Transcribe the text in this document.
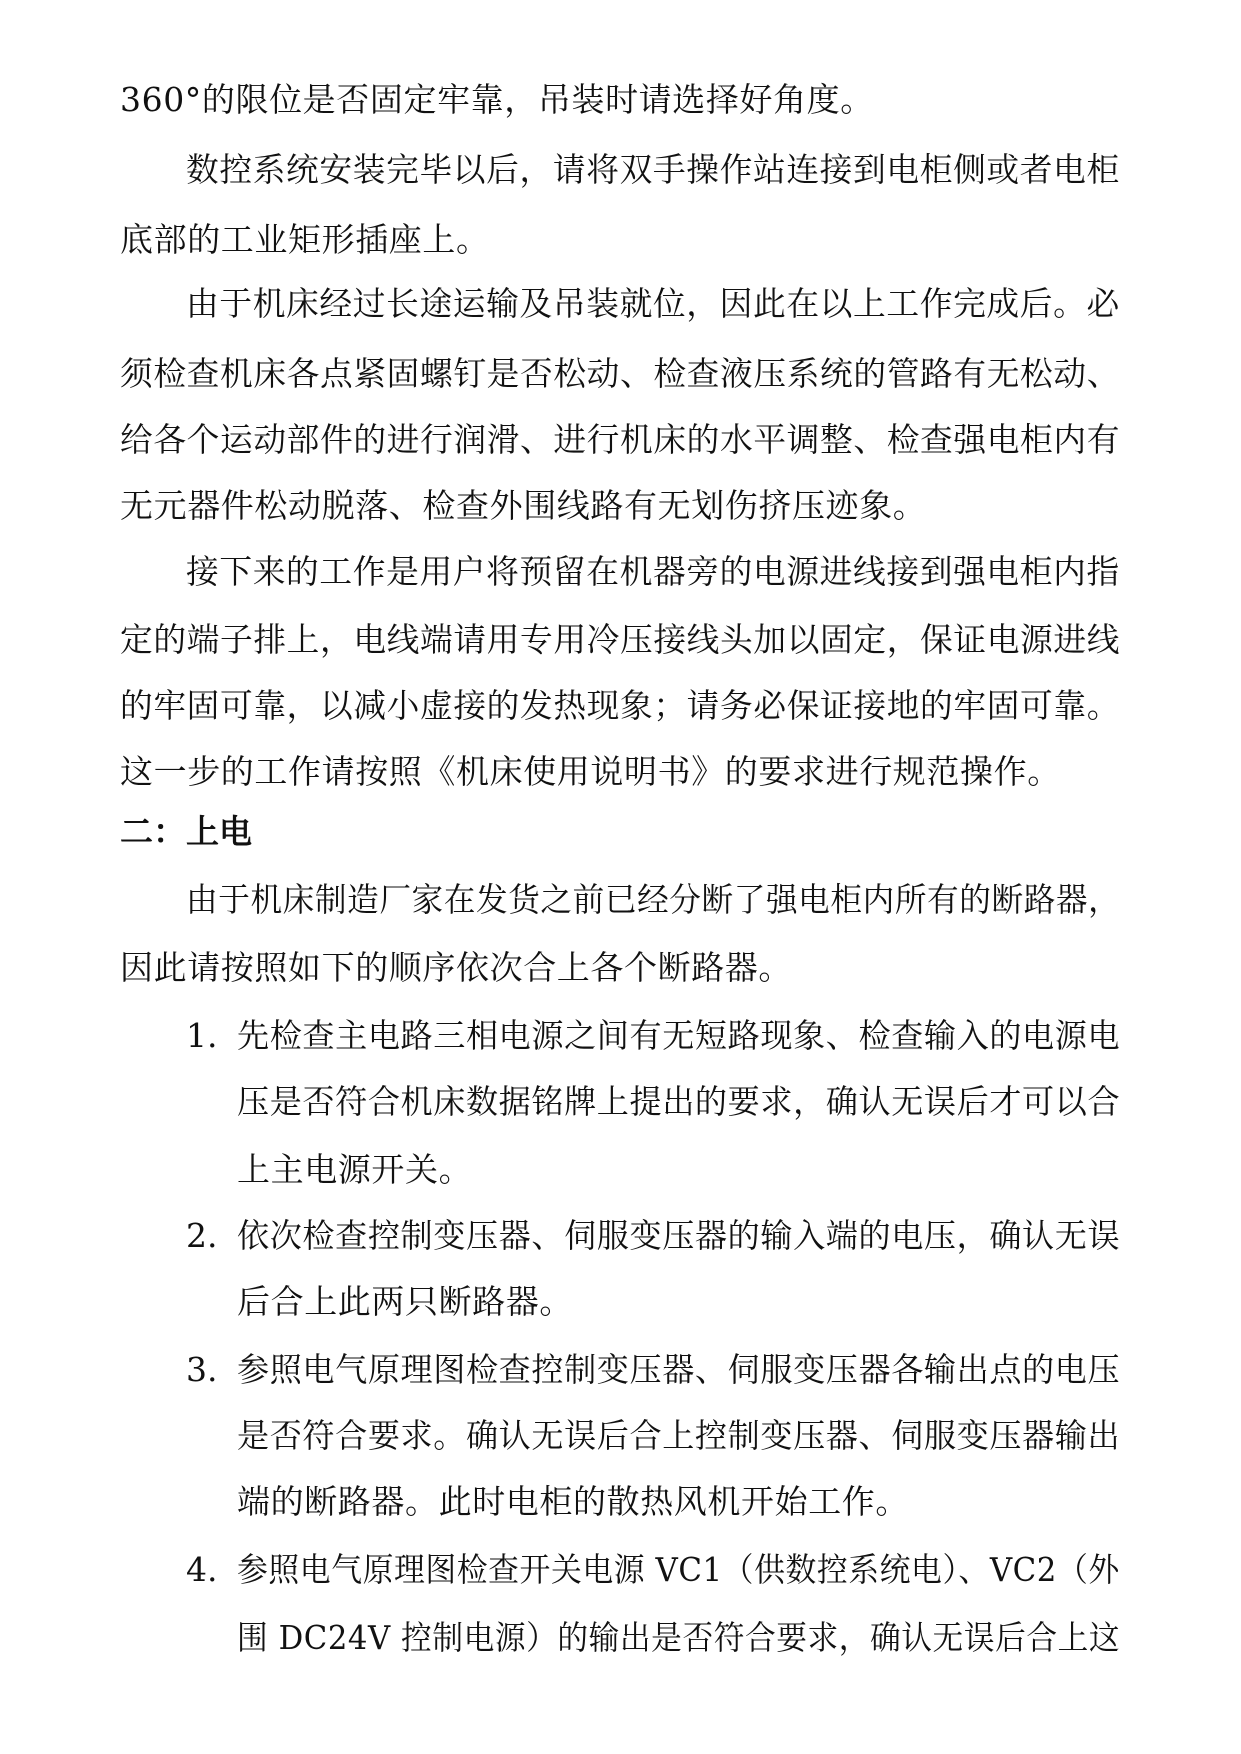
360°的限位是否固定牢靠，吊装时请选择好角度。
数控系统安装完毕以后，请将双手操作站连接到电柜侧或者电柜
底部的工业矩形插座上。
由于机床经过长途运输及吊装就位，因此在以上工作完成后。必
须检查机床各点紧固螺钉是否松动、检查液压系统的管路有无松动、
给各个运动部件的进行润滑、进行机床的水平调整、检查强电柜内有
无元器件松动脱落、检查外围线路有无划伤挤压迹象。
接下来的工作是用户将预留在机器旁的电源进线接到强电柜内指
定的端子排上，电线端请用专用冷压接线头加以固定，保证电源进线
的牢固可靠，以减小虚接的发热现象；请务必保证接地的牢固可靠。
这一步的工作请按照《机床使用说明书》的要求进行规范操作。
二：上电
由于机床制造厂家在发货之前已经分断了强电柜内所有的断路器，
因此请按照如下的顺序依次合上各个断路器。
1. 先检查主电路三相电源之间有无短路现象、检查输入的电源电
压是否符合机床数据铭牌上提出的要求，确认无误后才可以合
上主电源开关。
2. 依次检查控制变压器、伺服变压器的输入端的电压，确认无误
后合上此两只断路器。
3. 参照电气原理图检查控制变压器、伺服变压器各输出点的电压
是否符合要求。确认无误后合上控制变压器、伺服变压器输出
端的断路器。此时电柜的散热风机开始工作。
4. 参照电气原理图检查开关电源 VC1（供数控系统电）、VC2（外
围 DC24V 控制电源）的输出是否符合要求，确认无误后合上这
